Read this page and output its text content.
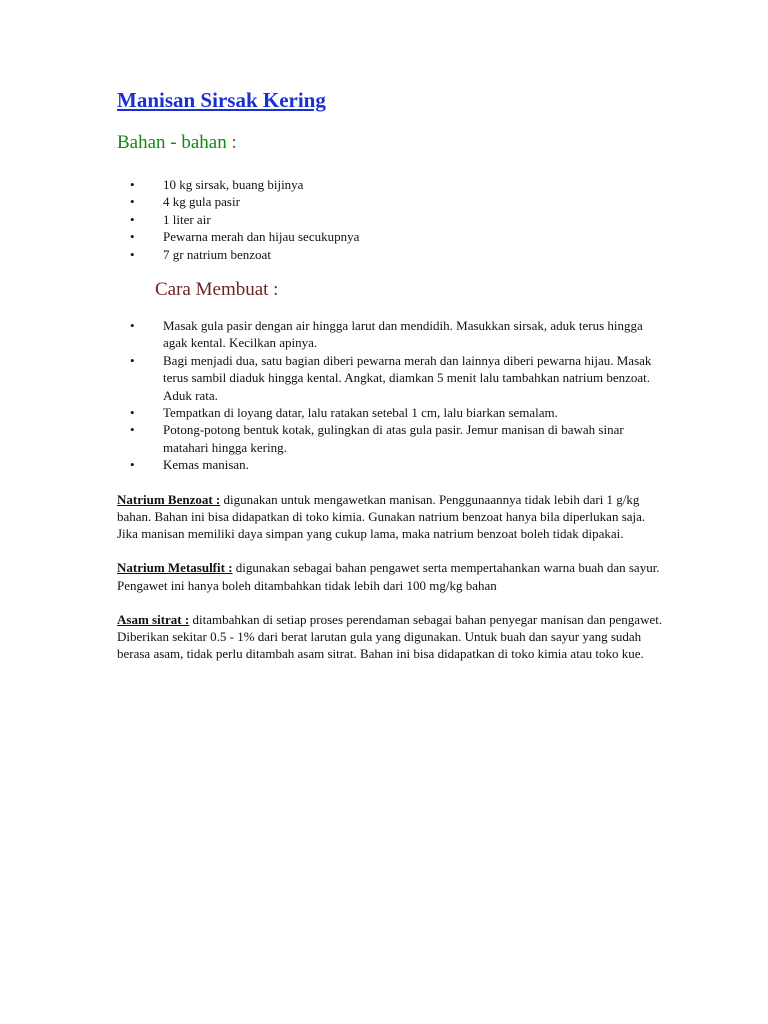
Manisan Sirsak Kering
Bahan - bahan :
• 10 kg sirsak, buang bijinya
• 4 kg gula pasir
• 1 liter air
• Pewarna merah dan hijau secukupnya
• 7 gr natrium benzoat
Cara Membuat :
• Masak gula pasir dengan air hingga larut dan mendidih. Masukkan sirsak, aduk terus hingga agak kental. Kecilkan apinya.
• Bagi menjadi dua, satu bagian diberi pewarna merah dan lainnya diberi pewarna hijau. Masak terus sambil diaduk hingga kental. Angkat, diamkan 5 menit lalu tambahkan natrium benzoat. Aduk rata.
• Tempatkan di loyang datar, lalu ratakan setebal 1 cm, lalu biarkan semalam.
• Potong-potong bentuk kotak, gulingkan di atas gula pasir. Jemur manisan di bawah sinar matahari hingga kering.
• Kemas manisan.

Natrium Benzoat : digunakan untuk mengawetkan manisan. Penggunaannya tidak lebih dari 1 g/kg bahan. Bahan ini bisa didapatkan di toko kimia. Gunakan natrium benzoat hanya bila diperlukan saja. Jika manisan memiliki daya simpan yang cukup lama, maka natrium benzoat boleh tidak dipakai.

Natrium Metasulfit : digunakan sebagai bahan pengawet serta mempertahankan warna buah dan sayur. Pengawet ini hanya boleh ditambahkan tidak lebih dari 100 mg/kg bahan

Asam sitrat : ditambahkan di setiap proses perendaman sebagai bahan penyegar manisan dan pengawet. Diberikan sekitar 0.5 - 1% dari berat larutan gula yang digunakan. Untuk buah dan sayur yang sudah berasa asam, tidak perlu ditambah asam sitrat. Bahan ini bisa didapatkan di toko kimia atau toko kue.
